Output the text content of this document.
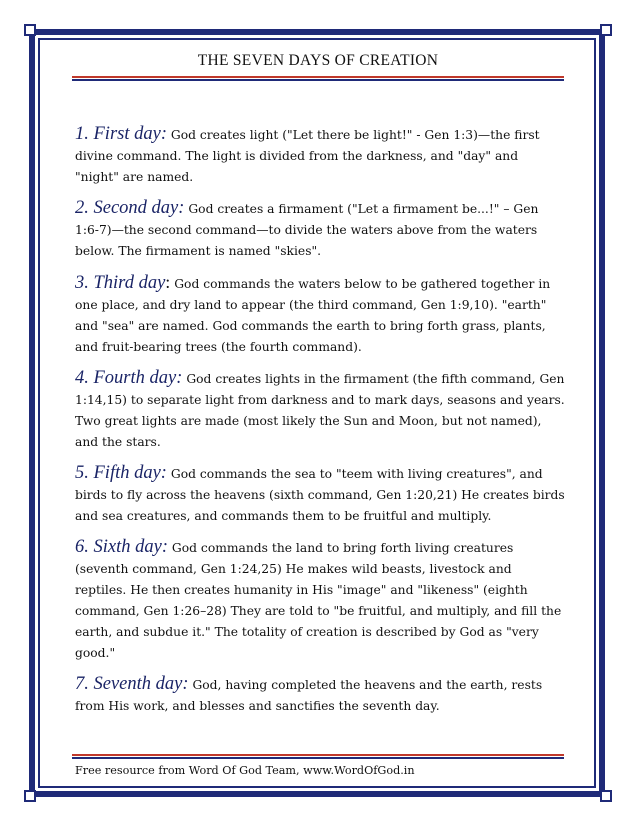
THE SEVEN DAYS OF CREATION

1. First day: God creates light ("Let there be light!" - Gen 1:3)—the first divine command. The light is divided from the darkness, and "day" and "night" are named.

2. Second day: God creates a firmament ("Let a firmament be...!" – Gen 1:6-7)—the second command—to divide the waters above from the waters below. The firmament is named "skies".

3. Third day: God commands the waters below to be gathered together in one place, and dry land to appear (the third command, Gen 1:9,10). "earth" and "sea" are named. God commands the earth to bring forth grass, plants, and fruit-bearing trees (the fourth command).

4. Fourth day: God creates lights in the firmament (the fifth command, Gen 1:14,15) to separate light from darkness and to mark days, seasons and years. Two great lights are made (most likely the Sun and Moon, but not named), and the stars.

5. Fifth day: God commands the sea to "teem with living creatures", and birds to fly across the heavens (sixth command, Gen 1:20,21) He creates birds and sea creatures, and commands them to be fruitful and multiply.

6. Sixth day: God commands the land to bring forth living creatures (seventh command, Gen 1:24,25) He makes wild beasts, livestock and reptiles. He then creates humanity in His "image" and "likeness" (eighth command, Gen 1:26–28) They are told to "be fruitful, and multiply, and fill the earth, and subdue it." The totality of creation is described by God as "very good."

7. Seventh day: God, having completed the heavens and the earth, rests from His work, and blesses and sanctifies the seventh day.

Free resource from Word Of God Team, www.WordOfGod.in
